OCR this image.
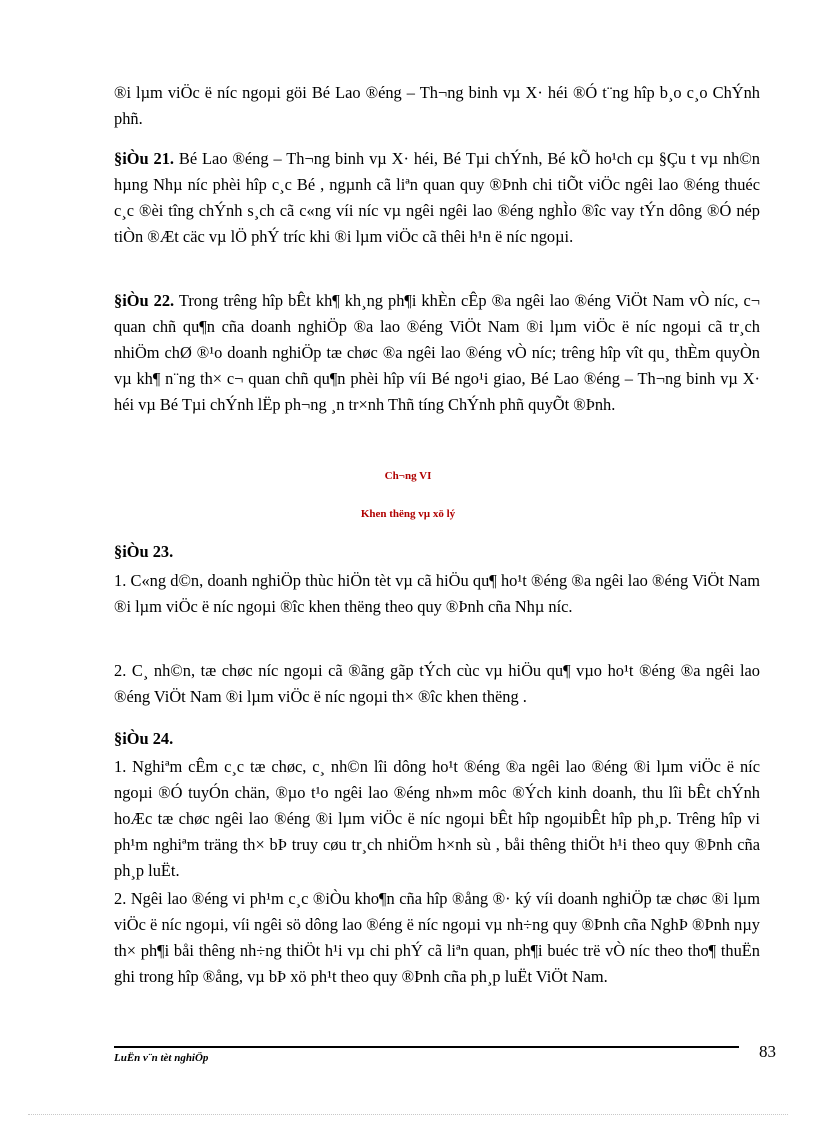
®i lµm viÖc ë níc ngoµi göi Bé Lao ®éng – Th¬ng binh vµ X· héi ®Ó t¨ng hîp b¸o c¸o ChÝnh phñ.

§iÒu 21. Bé Lao ®éng – Th¬ng binh vµ X· héi, Bé Tµi chÝnh, Bé kÕ ho¹ch cµ §Çu t vµ nh©n hµng Nhµ níc phèi hîp c¸c Bé , ngµnh cã liªn quan quy ®Þnh chi tiÕt viÖc ngêi lao ®éng thuéc c¸c ®èi tîng chÝnh s¸ch cã c«ng víi níc vµ ngêi ngêi lao ®éng nghÌo ®îc vay tÝn dông ®Ó nép tiÒn ®Æt cäc vµ lÖ phÝ tríc khi ®i lµm viÖc cã thêi h¹n ë níc ngoµi.

§iÒu 22. Trong trêng hîp bÊt kh¶ kh¸ng ph¶i khÈn cÊp ®a ngêi lao ®éng ViÖt Nam vÒ níc, c¬ quan chñ qu¶n cña doanh nghiÖp ®a lao ®éng ViÖt Nam ®i lµm viÖc ë níc ngoµi cã tr¸ch nhiÖm chØ ®¹o doanh nghiÖp tæ chøc ®a ngêi lao ®éng vÒ níc; trêng hîp vît qu¸ thÈm quyÒn vµ kh¶ n¨ng th× c¬ quan chñ qu¶n phèi hîp víi Bé ngo¹i giao, Bé Lao ®éng – Th¬ng binh vµ X· héi vµ Bé Tµi chÝnh lËp ph¬ng ¸n tr×nh Thñ tíng ChÝnh phñ quyÕt ®Þnh.

Ch¬ng VI

Khen thëng vµ xö lý

§iÒu 23.

1. C«ng d©n, doanh nghiÖp thùc hiÖn tèt vµ cã hiÖu qu¶ ho¹t ®éng ®a ngêi lao ®éng ViÖt Nam ®i lµm viÖc ë níc ngoµi ®îc khen thëng theo quy ®Þnh cña Nhµ níc.

2. C¸ nh©n, tæ chøc níc ngoµi cã ®ãng gãp tÝch cùc vµ hiÖu qu¶ vµo ho¹t ®éng ®a ngêi lao ®éng ViÖt Nam ®i lµm viÖc ë níc ngoµi th× ®îc khen thëng .

§iÒu 24.

1. Nghiªm cÊm c¸c tæ chøc, c¸ nh©n lîi dông ho¹t ®éng ®a ngêi lao ®éng ®i lµm viÖc ë níc ngoµi ®Ó tuyÓn chän, ®µo t¹o ngêi lao ®éng nh»m môc ®Ých kinh doanh, thu lîi bÊt chÝnh hoÆc tæ chøc ngêi lao ®éng ®i lµm viÖc ë níc ngoµi bÊt hîp ngoµibÊt hîp ph¸p. Trêng hîp vi ph¹m nghiªm träng th× bÞ truy cøu tr¸ch nhiÖm h×nh sù , båi thêng thiÖt h¹i theo quy ®Þnh cña ph¸p luËt.

2. Ngêi lao ®éng vi ph¹m c¸c ®iÒu kho¶n cña hîp ®ång ®· ký víi doanh nghiÖp tæ chøc ®i lµm viÖc ë níc ngoµi, víi ngêi sö dông lao ®éng ë níc ngoµi vµ nh÷ng quy ®Þnh cña NghÞ ®Þnh nµy th× ph¶i båi thêng nh÷ng thiÖt h¹i vµ chi phÝ cã liªn quan, ph¶i buéc trë vÒ níc theo tho¶ thuËn ghi trong hîp ®ång, vµ bÞ xö ph¹t theo quy ®Þnh cña ph¸p luËt ViÖt Nam.

LuËn v¨n tèt nghiÖp	83
